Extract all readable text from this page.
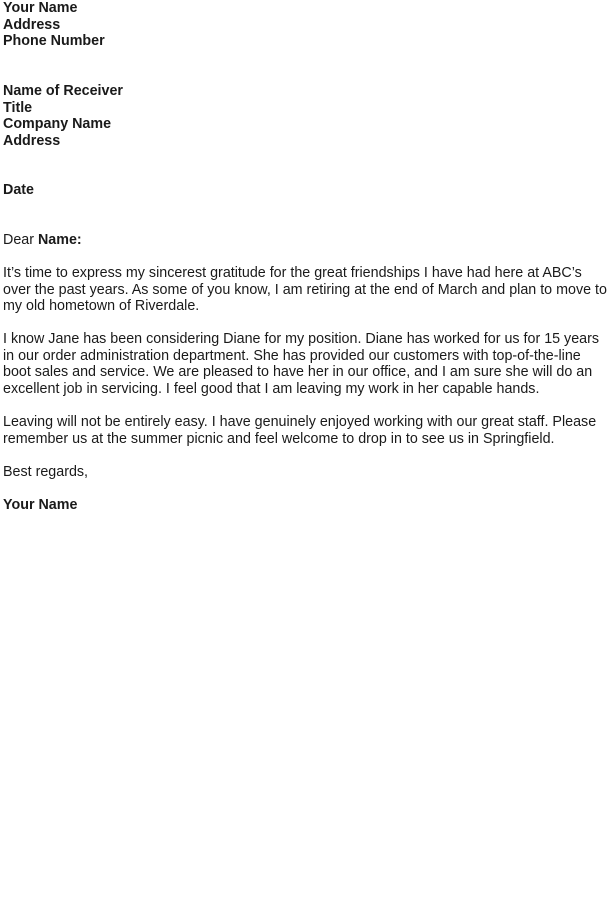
Your Name
Address
Phone Number
Name of Receiver
Title
Company Name
Address
Date
Dear Name:
It’s time to express my sincerest gratitude for the great friendships I have had here at ABC’s
over the past years. As some of you know, I am retiring at the end of March and plan to move to
my old hometown of Riverdale.
I know Jane has been considering Diane for my position. Diane has worked for us for 15 years
in our order administration department. She has provided our customers with top-of-the-line
boot sales and service. We are pleased to have her in our office, and I am sure she will do an
excellent job in servicing. I feel good that I am leaving my work in her capable hands.
Leaving will not be entirely easy. I have genuinely enjoyed working with our great staff. Please
remember us at the summer picnic and feel welcome to drop in to see us in Springfield.
Best regards,
Your Name
